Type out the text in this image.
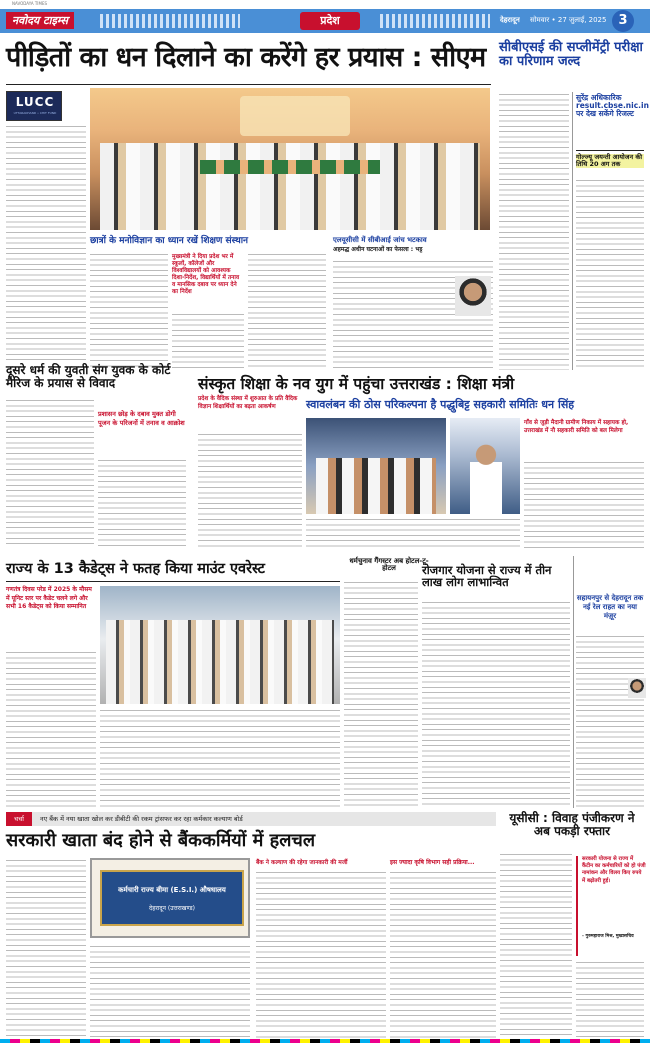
नवोदय टाइम्स
NAVODAYA TIMES
प्रदेश	देहरादून सोमवार • 27 जुलाई, 2025 3
पीड़ितों का धन दिलाने का करेंगे हर प्रयास : सीएम	सीबीएसई की सप्लीमेंट्री परीक्षा का परिणाम जल्द
LUCC
UTTARAKHAND • CHIT FUND
सुरेंद्र अधिकारिक result.cbse.nic.in पर देख सकेंगे रिजल्ट
गोल्ज्यू जयन्ती आयोजन की तिथि 20 अग तक
छात्रों के मनोविज्ञान का ध्यान रखें शिक्षण संस्थान
मुख्यमंत्री ने दिया प्रदेश भर में स्कूलों, कॉलेजों और विश्वविद्यालयों को आवश्यक दिशा-निर्देश, विद्यार्थियों में तनाव व मानसिक दबाव पर ध्यान देने का निर्देश
एलयूसीसी में सीबीआई जांच भटकाव
अहमद्ध अधीन घटनाओं का फेसला : भट्ट
दूसरे धर्म की युवती संग युवक के कोर्ट मैरिज के प्रयास से विवाद
प्रशासन छोड़ के दबाव मुक्त डोगी पूजन के परिजनों में तनाव व आक्रोश
संस्कृत शिक्षा के नव युग में पहुंचा उत्तराखंड : शिक्षा मंत्री
प्रदेश के वैदिक संस्था में शुरुआत के प्रति वैदिक विज्ञान शिक्षार्थियों का बढ़ता आकर्षण	स्वावलंबन की ठोस परिकल्पना है पद्धुबिट्ट सहकारी समितिः धन सिंह
गाँव से जुड़ी मैदानी ग्रामीण निकाय में सहायक हो, उत्तराखंड में नौ सहकारी समिति को बल मिलेगा
राज्य के 13 कैडेट्स ने फतह किया माउंट एवरेस्ट
गणतंत्र दिवस परेड में 2025 के मौसम में यूनिट स्तर पर कैडेट चलने लगे और सभी 16 कैडेट्स को किया सम्मानित
धर्मचुनाव गैंगस्टर अब होटल-टू-होटल	रोजगार योजना से राज्य में तीन लाख लोग लाभान्वित
सहायनपुर से देहरादून तक नई रेल राहत का नया मंज़ूर
चर्चा नए बैंक में नया खाता खोल कर डीबीटी की रकम ट्रांसफर कर रहा कर्मकार कल्याण बोर्ड
सरकारी खाता बंद होने से बैंककर्मियों में हलचल
कर्मचारी राज्य बीमा (E.S.I.) औषधालय
देहरादून (उत्तराखण्ड)
बैंक ने कल्याण की रहेगा जानकारी की मर्जी	इस ज्यादा कृषि विभाग सही प्रक्रिया...
यूसीसी : विवाह पंजीकरण ने अब पकड़ी रफ्तार
सरकारी योजना से राज्य में कैंटीन का कर्मचारियों को हो पंजी नामांकन और विलय किए रुपये में बढ़ोतरी हुई।
- गुरुमहाराज मिश्र, मुख्यसचिव
